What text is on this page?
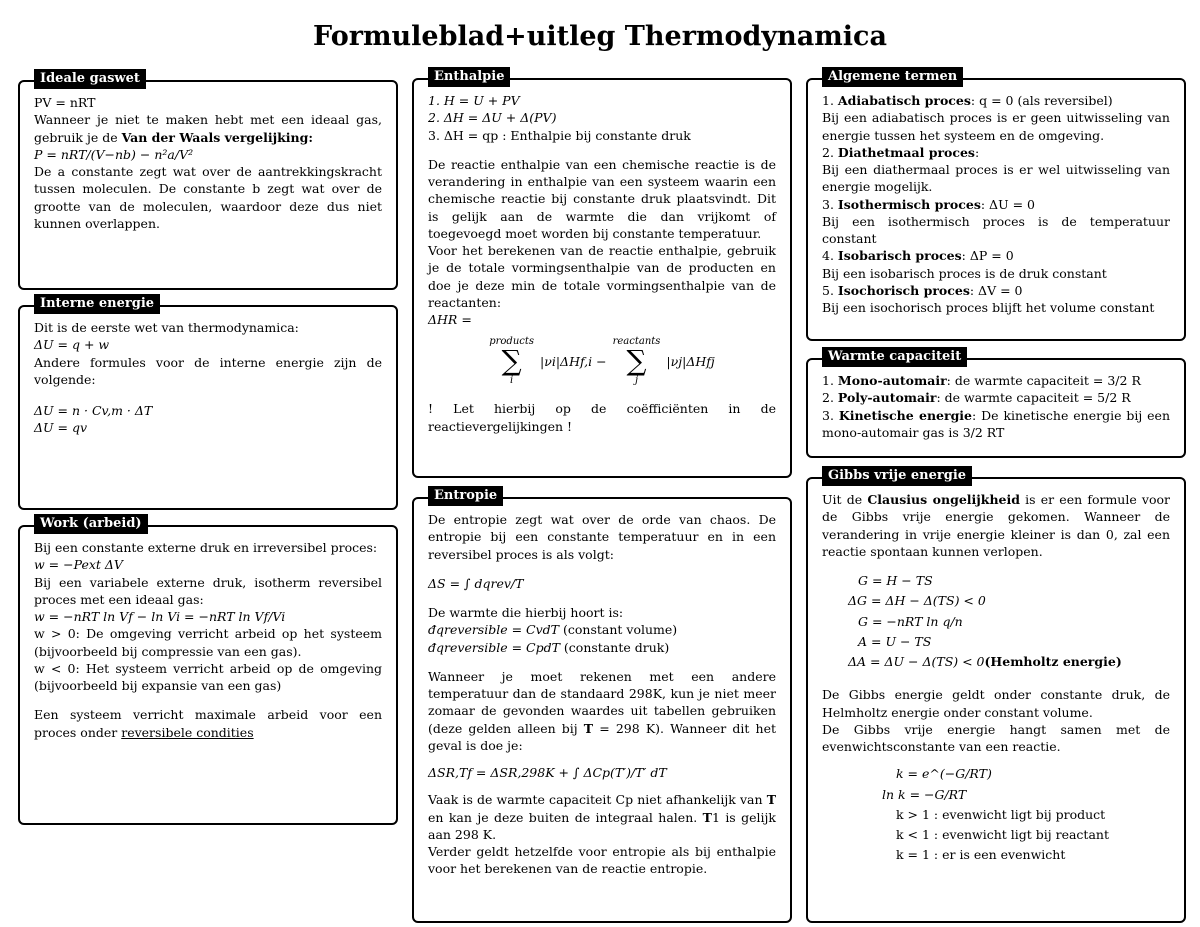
Formuleblad+uitleg Thermodynamica
Ideale gaswet

PV = nRT

Wanneer je niet te maken hebt met een ideaal gas, gebruik je de Van der Waals vergelijking:

P = nRT/(V−nb) − n²a/V²

De a constante zegt wat over de aantrekkingskracht tussen moleculen. De constante b zegt wat over de grootte van de moleculen, waardoor deze dus niet kunnen overlappen.

Interne energie

Dit is de eerste wet van thermodynamica:

ΔU = q + w

Andere formules voor de interne energie zijn de volgende:

ΔU = n · Cv,m · ΔT

ΔU = qv

Work (arbeid)

Bij een constante externe druk en irreversibel proces:

w = −Pext ΔV

Bij een variabele externe druk, isotherm reversibel proces met een ideaal gas:

w = −nRT ln Vf − ln Vi = −nRT ln Vf/Vi

w > 0: De omgeving verricht arbeid op het systeem (bijvoorbeeld bij compressie van een gas).

w < 0: Het systeem verricht arbeid op de omgeving (bijvoorbeeld bij expansie van een gas)

Een systeem verricht maximale arbeid voor een proces onder reversibele condities

Enthalpie

1. H = U + PV

2. ΔH = ΔU + Δ(PV)

3. ΔH = qp : Enthalpie bij constante druk

De reactie enthalpie van een chemische reactie is de verandering in enthalpie van een systeem waarin een chemische reactie bij constante druk plaatsvindt. Dit is gelijk aan de warmte die dan vrijkomt of toegevoegd moet worden bij constante temperatuur.

Voor het berekenen van de reactie enthalpie, gebruik je de totale vormingsenthalpie van de producten en doe je deze min de totale vormingsenthalpie van de reactanten:

ΔHR =

products
∑
i
|νi|ΔHf,i −
reactants
∑
j
|νj|ΔHfj

! Let hierbij op de coëfficiënten in de reactievergelijkingen !

Entropie

De entropie zegt wat over de orde van chaos. De entropie bij een constante temperatuur en in een reversibel proces is als volgt:

ΔS = ∫ dqrev/T

De warmte die hierbij hoort is:

đqreversible = CvdT (constant volume)

đqreversible = CpdT (constante druk)

Wanneer je moet rekenen met een andere temperatuur dan de standaard 298K, kun je niet meer zomaar de gevonden waardes uit tabellen gebruiken (deze gelden alleen bij T = 298 K). Wanneer dit het geval is doe je:

ΔSR,Tf = ΔSR,298K + ∫ ΔCp(T′)/T′ dT

Vaak is de warmte capaciteit Cp niet afhankelijk van T en kan je deze buiten de integraal halen. T1 is gelijk aan 298 K.

Verder geldt hetzelfde voor entropie als bij enthalpie voor het berekenen van de reactie entropie.

Algemene termen

1. Adiabatisch proces: q = 0 (als reversibel)

Bij een adiabatisch proces is er geen uitwisseling van energie tussen het systeem en de omgeving.

2. Diathetmaal proces:

Bij een diathermaal proces is er wel uitwisseling van energie mogelijk.

3. Isothermisch proces: ΔU = 0

Bij een isothermisch proces is de temperatuur constant

4. Isobarisch proces: ΔP = 0

Bij een isobarisch proces is de druk constant

5. Isochorisch proces: ΔV = 0

Bij een isochorisch proces blijft het volume constant

Warmte capaciteit

1. Mono-automair: de warmte capaciteit = 3/2 R

2. Poly-automair: de warmte capaciteit = 5/2 R

3. Kinetische energie: De kinetische energie bij een mono-automair gas is 3/2 RT

Gibbs vrije energie

Uit de Clausius ongelijkheid is er een formule voor de Gibbs vrije energie gekomen. Wanneer de verandering in vrije energie kleiner is dan 0, zal een reactie spontaan kunnen verlopen.

G = H − TS
ΔG = ΔH − Δ(TS) < 0
G = −nRT ln q/n
A = U − TS
ΔA = ΔU − Δ(TS) < 0(Hemholtz energie)

De Gibbs energie geldt onder constante druk, de Helmholtz energie onder constant volume.

De Gibbs vrije energie hangt samen met de evenwichtsconstante van een reactie.

k = e^(−G/RT)
ln k = −G/RT
k > 1 : evenwicht ligt bij product
k < 1 : evenwicht ligt bij reactant
k = 1 : er is een evenwicht
